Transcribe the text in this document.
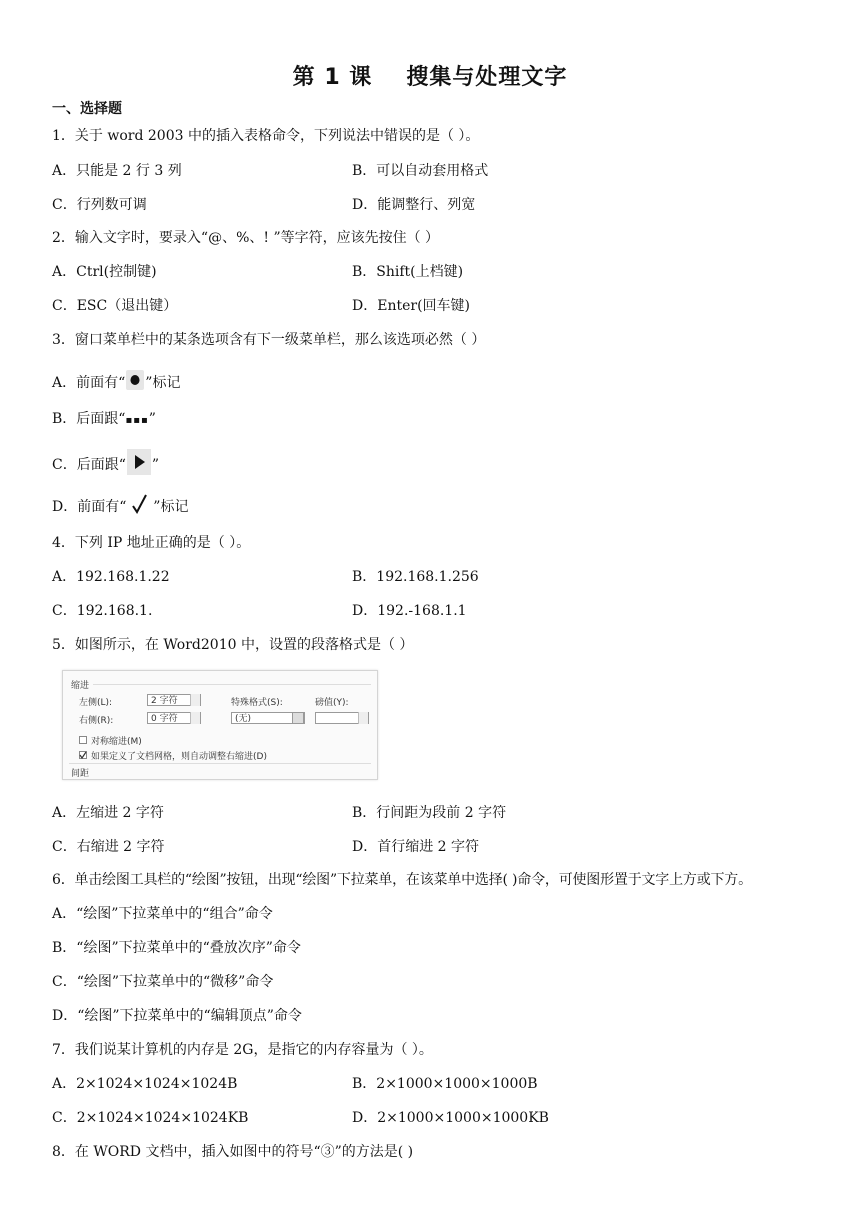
第 1 课 搜集与处理文字
一、选择题
1．关于 word 2003 中的插入表格命令，下列说法中错误的是（ ）。
A．只能是 2 行 3 列	B．可以自动套用格式
C．行列数可调	D．能调整行、列宽
2．输入文字时，要录入“@、%、! ”等字符，应该先按住（ ）
A．Ctrl(控制键)	B．Shift(上档键)
C．ESC（退出键）	D．Enter(回车键)
3．窗口菜单栏中的某条选项含有下一级菜单栏，那么该选项必然（ ）
A．前面有“ ”标记
B．后面跟“▪▪▪”
C．后面跟“ ”
D．前面有“  ”标记
4．下列 IP 地址正确的是（ ）。
A．192.168.1.22	B．192.168.1.256
C．192.168.1.	D．192.-168.1.1
5．如图所示，在 Word2010 中，设置的段落格式是（ ）
缩进
左侧(L):	2 字符
右侧(R):	0 字符
特殊格式(S):
(无)
磅值(Y):
对称缩进(M)
如果定义了文档网格，则自动调整右缩进(D)
间距
A．左缩进 2 字符	B．行间距为段前 2 字符
C．右缩进 2 字符	D．首行缩进 2 字符
6．单击绘图工具栏的“绘图”按钮，出现“绘图”下拉菜单，在该菜单中选择( )命令，可使图形置于文字上方或下方。
A．“绘图”下拉菜单中的“组合”命令
B．“绘图”下拉菜单中的“叠放次序”命令
C．“绘图”下拉菜单中的“微移”命令
D．“绘图”下拉菜单中的“编辑顶点”命令
7．我们说某计算机的内存是 2G，是指它的内存容量为（ ）。
A．2×1024×1024×1024B	B．2×1000×1000×1000B
C．2×1024×1024×1024KB	D．2×1000×1000×1000KB
8．在 WORD 文档中，插入如图中的符号“③”的方法是( )
